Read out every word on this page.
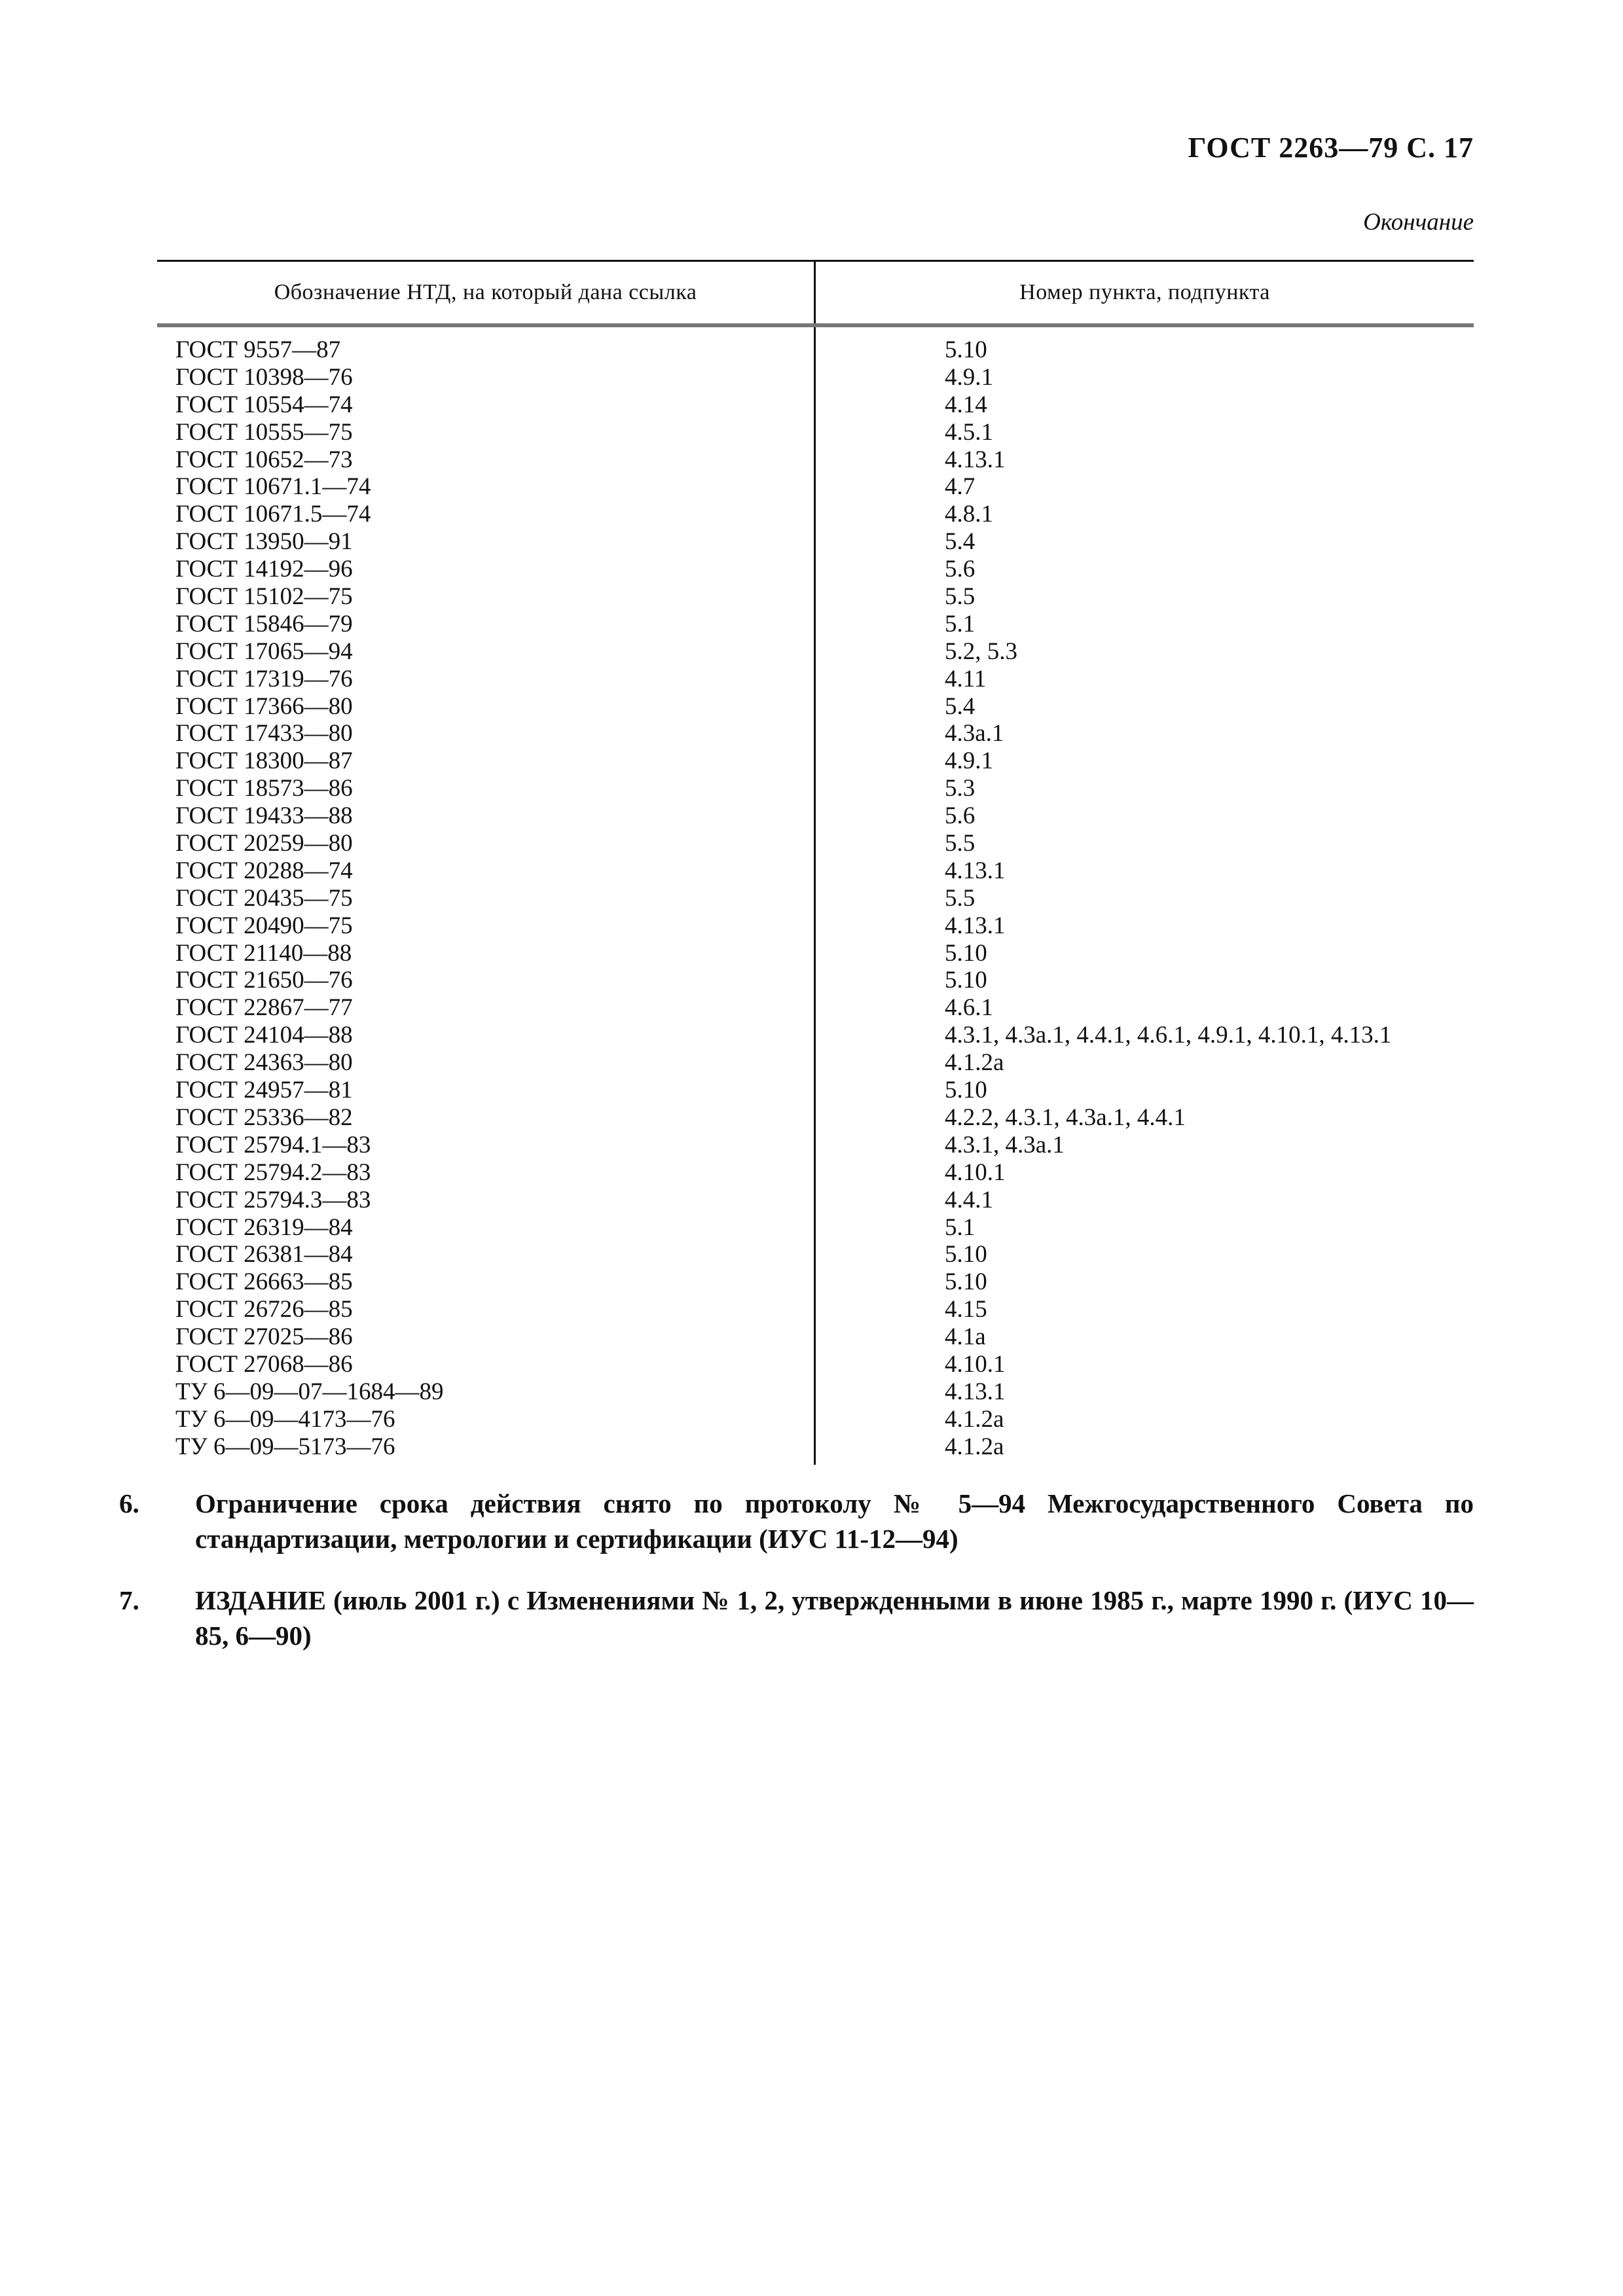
ГОСТ 2263—79 С. 17
Окончание
Обозначение НТД, на который дана ссылка	Номер пункта, подпункта
ГОСТ 9557—87
ГОСТ 10398—76
ГОСТ 10554—74
ГОСТ 10555—75
ГОСТ 10652—73
ГОСТ 10671.1—74
ГОСТ 10671.5—74
ГОСТ 13950—91
ГОСТ 14192—96
ГОСТ 15102—75
ГОСТ 15846—79
ГОСТ 17065—94
ГОСТ 17319—76
ГОСТ 17366—80
ГОСТ 17433—80
ГОСТ 18300—87
ГОСТ 18573—86
ГОСТ 19433—88
ГОСТ 20259—80
ГОСТ 20288—74
ГОСТ 20435—75
ГОСТ 20490—75
ГОСТ 21140—88
ГОСТ 21650—76
ГОСТ 22867—77
ГОСТ 24104—88
ГОСТ 24363—80
ГОСТ 24957—81
ГОСТ 25336—82
ГОСТ 25794.1—83
ГОСТ 25794.2—83
ГОСТ 25794.3—83
ГОСТ 26319—84
ГОСТ 26381—84
ГОСТ 26663—85
ГОСТ 26726—85
ГОСТ 27025—86
ГОСТ 27068—86
ТУ 6—09—07—1684—89
ТУ 6—09—4173—76
ТУ 6—09—5173—76
5.10
4.9.1
4.14
4.5.1
4.13.1
4.7
4.8.1
5.4
5.6
5.5
5.1
5.2, 5.3
4.11
5.4
4.3а.1
4.9.1
5.3
5.6
5.5
4.13.1
5.5
4.13.1
5.10
5.10
4.6.1
4.3.1, 4.3а.1, 4.4.1, 4.6.1, 4.9.1, 4.10.1, 4.13.1
4.1.2а
5.10
4.2.2, 4.3.1, 4.3а.1, 4.4.1
4.3.1, 4.3а.1
4.10.1
4.4.1
5.1
5.10
5.10
4.15
4.1а
4.10.1
4.13.1
4.1.2а
4.1.2а
6. Ограничение срока действия снято по протоколу № 5—94 Межгосударственного Совета по стандартизации, метрологии и сертификации (ИУС 11-12—94)
7. ИЗДАНИЕ (июль 2001 г.) с Изменениями № 1, 2, утвержденными в июне 1985 г., марте 1990 г. (ИУС 10—85, 6—90)
